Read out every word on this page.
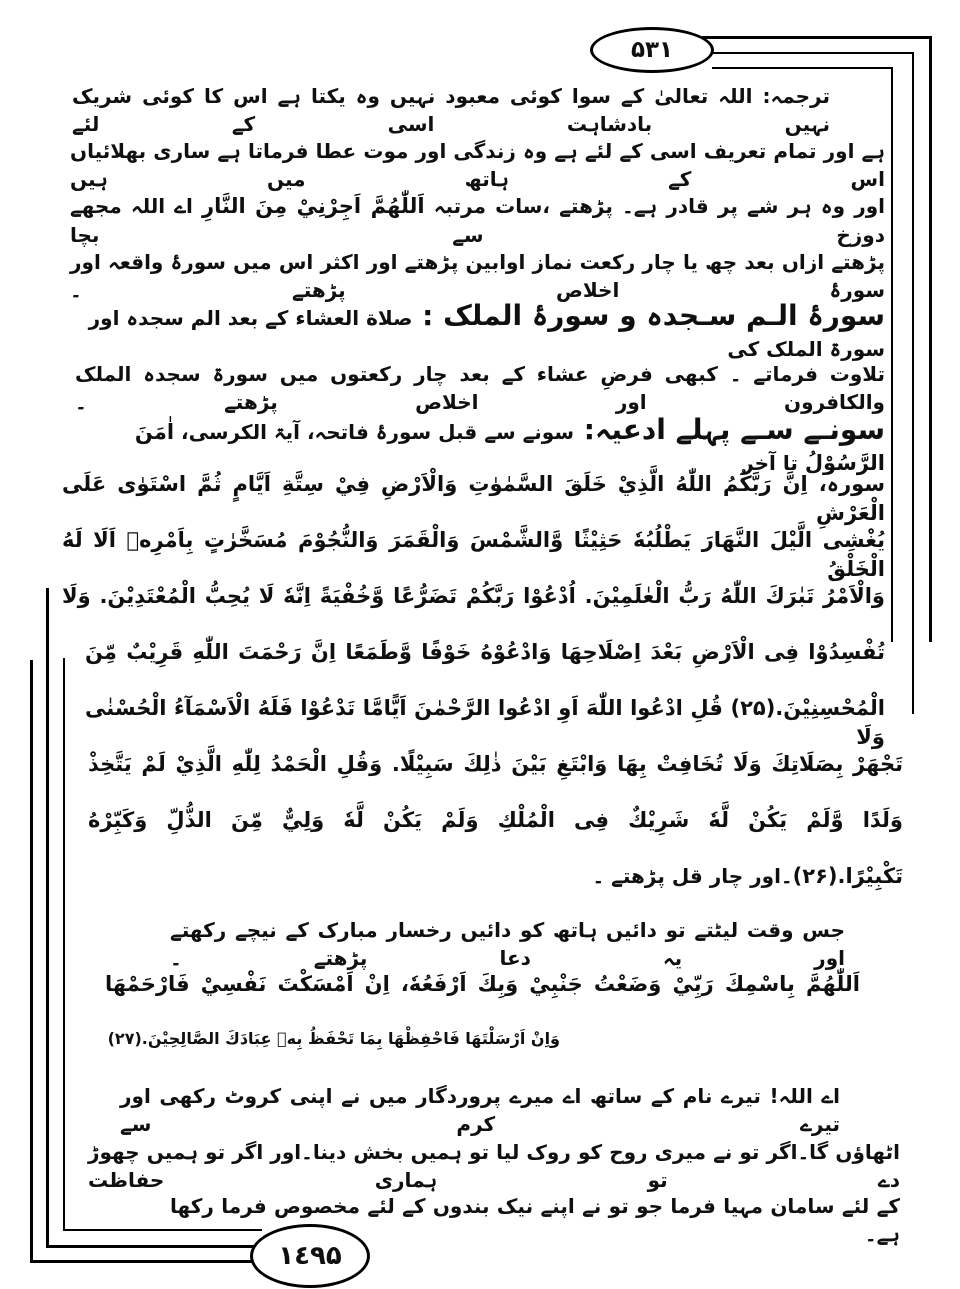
۵۳۱
۱٤۹۵
ترجمہ: اللہ تعالیٰ کے سوا کوئی معبود نہیں وہ یکتا ہے اس کا کوئی شریک نہیں بادشاہت اسی کے لئے
ہے اور تمام تعریف اسی کے لئے ہے وہ زندگی اور موت عطا فرماتا ہے ساری بھلائیاں اس کے ہاتھ میں ہیں
اور وہ ہر شے پر قادر ہے۔ پڑھتے ،سات مرتبہ اَللّٰهُمَّ اَجِرْنِيْ مِنَ النَّارِ اے اللہ مجھے دوزخ سے بچا
پڑھتے ازاں بعد چھ یا چار رکعت نماز اوابین پڑھتے اور اکثر اس میں سورۂ واقعہ اور سورۂ اخلاص پڑھتے ۔
سورۂ الـم سـجدہ و سورۂ الملک : صلاة العشاء کے بعد الم سجدہ اور سورۃ الملک کی
تلاوت فرماتے ۔ کبھی فرضِ عشاء کے بعد چار رکعتوں میں سورۃ سجدہ الملک والکافرون اور اخلاص پڑھتے ۔
سونـے سـے پہلے ادعیہ: سونے سے قبل سورۂ فاتحہ، آیۃ الکرسی، اٰمَنَ الرَّسُوْلُ تا آخر
سورہ، اِنَّ رَبَّكُمُ اللّٰهُ الَّذِيْ خَلَقَ السَّمٰوٰتِ وَالْاَرْضِ فِيْ سِتَّةِ اَيَّامٍ ثُمَّ اسْتَوٰى عَلَى الْعَرْشِ
يُغْشِى الَّيْلَ النَّهَارَ يَطْلُبُهٗ حَثِيْثًا وَّالشَّمْسَ وَالْقَمَرَ وَالنُّجُوْمَ مُسَخَّرٰتٍ بِاَمْرِهٖ اَلَا لَهُ الْخَلْقُ
وَالْاَمْرُ تَبٰرَكَ اللّٰهُ رَبُّ الْعٰلَمِيْنَ. اُدْعُوْا رَبَّكُمْ تَضَرُّعًا وَّخُفْيَةً اِنَّهٗ لَا يُحِبُّ الْمُعْتَدِيْنَ. وَلَا
تُفْسِدُوْا فِى الْاَرْضِ بَعْدَ اِصْلَاحِهَا وَادْعُوْهُ خَوْفًا وَّطَمَعًا اِنَّ رَحْمَتَ اللّٰهِ قَرِيْبٌ مِّنَ
الْمُحْسِنِيْنَ.(۲۵) قُلِ ادْعُوا اللّٰهَ اَوِ ادْعُوا الرَّحْمٰنَ اَيًّامَّا تَدْعُوْا فَلَهُ الْاَسْمَآءُ الْحُسْنٰى وَلَا
تَجْهَرْ بِصَلَاتِكَ وَلَا تُخَافِتْ بِهَا وَابْتَغِ بَيْنَ ذٰلِكَ سَبِيْلًا. وَقُلِ الْحَمْدُ لِلّٰهِ الَّذِيْ لَمْ يَتَّخِذْ
وَلَدًا وَّلَمْ يَكُنْ لَّهٗ شَرِيْكٌ فِى الْمُلْكِ وَلَمْ يَكُنْ لَّهٗ وَلِيٌّ مِّنَ الذُّلِّ وَكَبِّرْهُ
تَكْبِيْرًا.(۲۶)۔اور چار قل پڑھتے ۔
جس وقت لیٹتے تو دائیں ہاتھ کو دائیں رخسار مبارک کے نیچے رکھتے اور یہ دعا پڑھتے ۔
اَللّٰهُمَّ بِاسْمِكَ رَبِّيْ وَضَعْتُ جَنْبِيْ وَبِكَ اَرْفَعُهٗ، اِنْ اَمْسَكْتَ نَفْسِيْ فَارْحَمْهَا
وَاِنْ اَرْسَلْتَهَا فَاحْفِظْهَا بِمَا تَحْفَظُ بِهٖ عِبَادَكَ الصَّالِحِيْنَ.(۲۷)
اے اللہ! تیرے نام کے ساتھ اے میرے پروردگار میں نے اپنی کروٹ رکھی اور تیرے کرم سے
اٹھاؤں گا۔اگر تو نے میری روح کو روک لیا تو ہمیں بخش دینا۔اور اگر تو ہمیں چھوڑ دے تو ہماری حفاظت
کے لئے سامان مہیا فرما جو تو نے اپنے نیک بندوں کے لئے مخصوص فرما رکھا ہے۔
